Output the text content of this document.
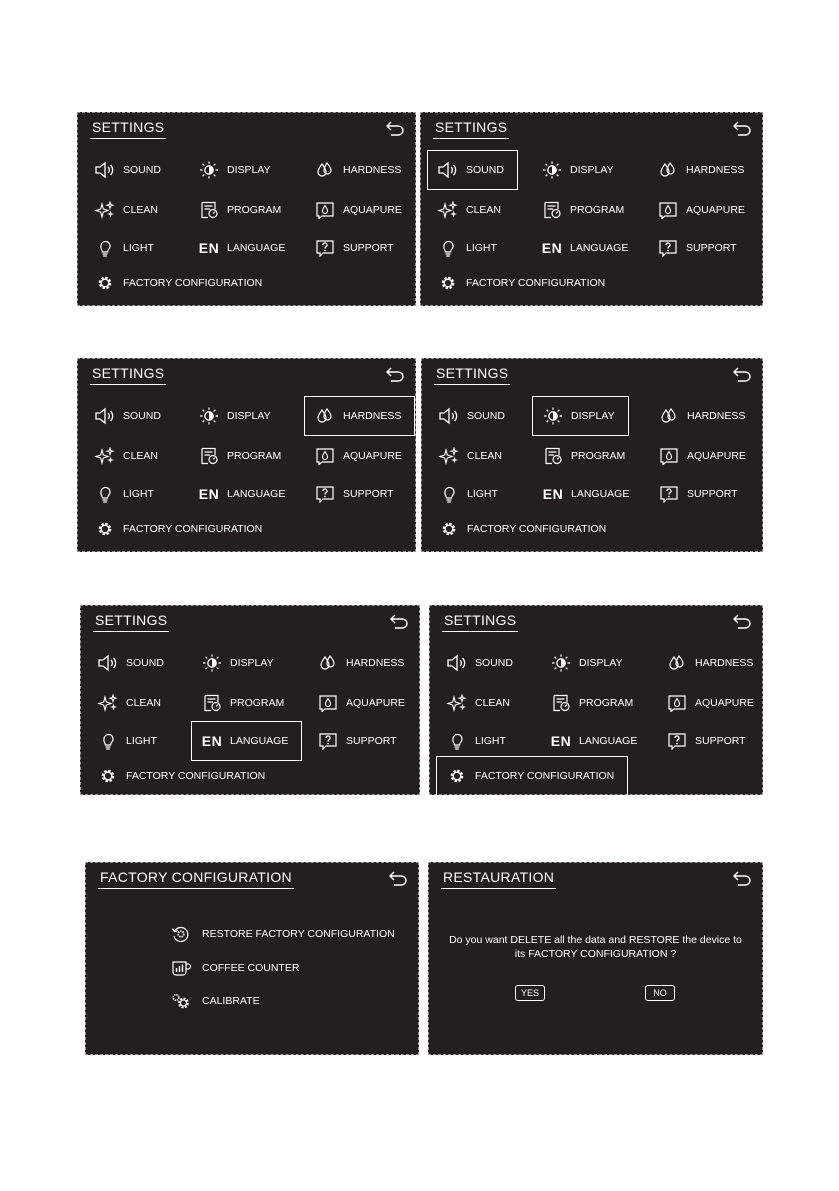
SETTINGS
SOUND	DISPLAY	HARDNESS
CLEAN	PROGRAM	AQUAPURE
LIGHT	EN LANGUAGE	SUPPORT
FACTORY CONFIGURATION
SETTINGS
SOUND	DISPLAY	HARDNESS
CLEAN	PROGRAM	AQUAPURE
LIGHT	EN LANGUAGE	SUPPORT
FACTORY CONFIGURATION
SETTINGS
SOUND	DISPLAY	HARDNESS
CLEAN	PROGRAM	AQUAPURE
LIGHT	EN LANGUAGE	SUPPORT
FACTORY CONFIGURATION
SETTINGS
SOUND	DISPLAY	HARDNESS
CLEAN	PROGRAM	AQUAPURE
LIGHT	EN LANGUAGE	SUPPORT
FACTORY CONFIGURATION
SETTINGS
SOUND	DISPLAY	HARDNESS
CLEAN	PROGRAM	AQUAPURE
LIGHT	EN LANGUAGE	SUPPORT
FACTORY CONFIGURATION
SETTINGS
SOUND	DISPLAY	HARDNESS
CLEAN	PROGRAM	AQUAPURE
LIGHT	EN LANGUAGE	SUPPORT
FACTORY CONFIGURATION
FACTORY CONFIGURATION
RESTORE FACTORY CONFIGURATION
COFFEE COUNTER
CALIBRATE
RESTAURATION
Do you want DELETE all the data and RESTORE the device to
its FACTORY CONFIGURATION ?
YES	NO
